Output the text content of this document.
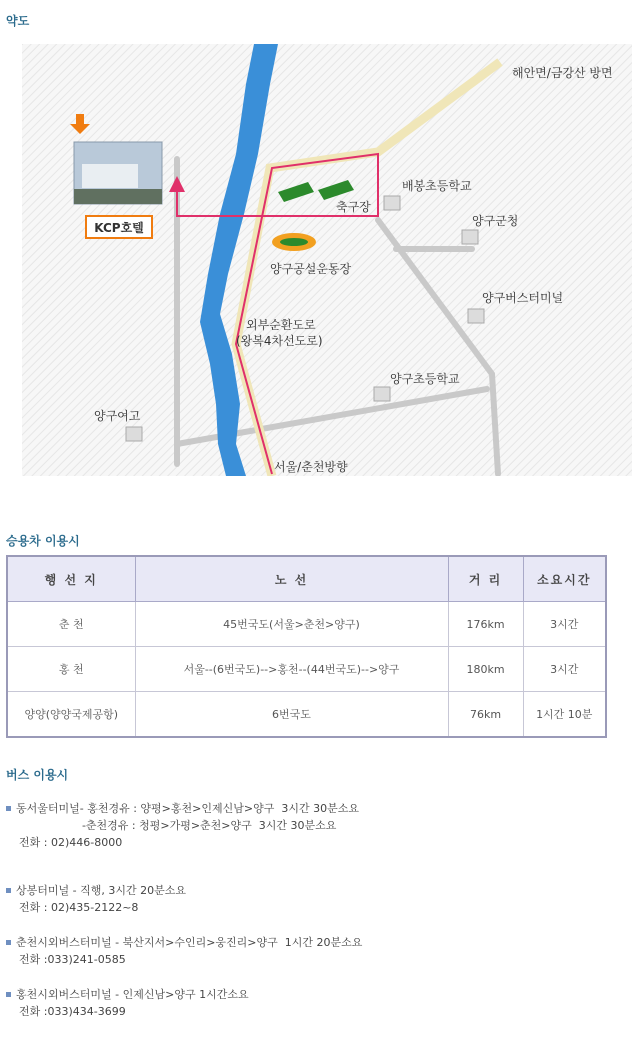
약도
KCP호텔
해안면/금강산 방면
배봉초등학교
축구장
양구군청
양구공설운동장
양구버스터미널
외부순환도로
(왕복4차선도로)
양구초등학교
양구여고
서울/춘천방향
승용차 이용시
행 선 지	노 선	거 리	소요시간
춘 천	45번국도(서울>춘천>양구)	176km	3시간
홍 천	서울--(6번국도)-->홍천--(44번국도)-->양구	180km	3시간
양양(양양국제공항)	6번국도	76km	1시간 10분
버스 이용시
동서울터미널- 홍천경유 : 양평>홍천>인제신남>양구  3시간 30분소요
-춘천경유 : 청평>가평>춘천>양구  3시간 30분소요
전화 : 02)446-8000
상봉터미널 - 직행, 3시간 20분소요
전화 : 02)435-2122~8
춘천시외버스터미널 - 북산지서>수인리>웅진리>양구  1시간 20분소요
전화 :033)241-0585
홍천시외버스터미널 - 인제신남>양구 1시간소요
전화 :033)434-3699
